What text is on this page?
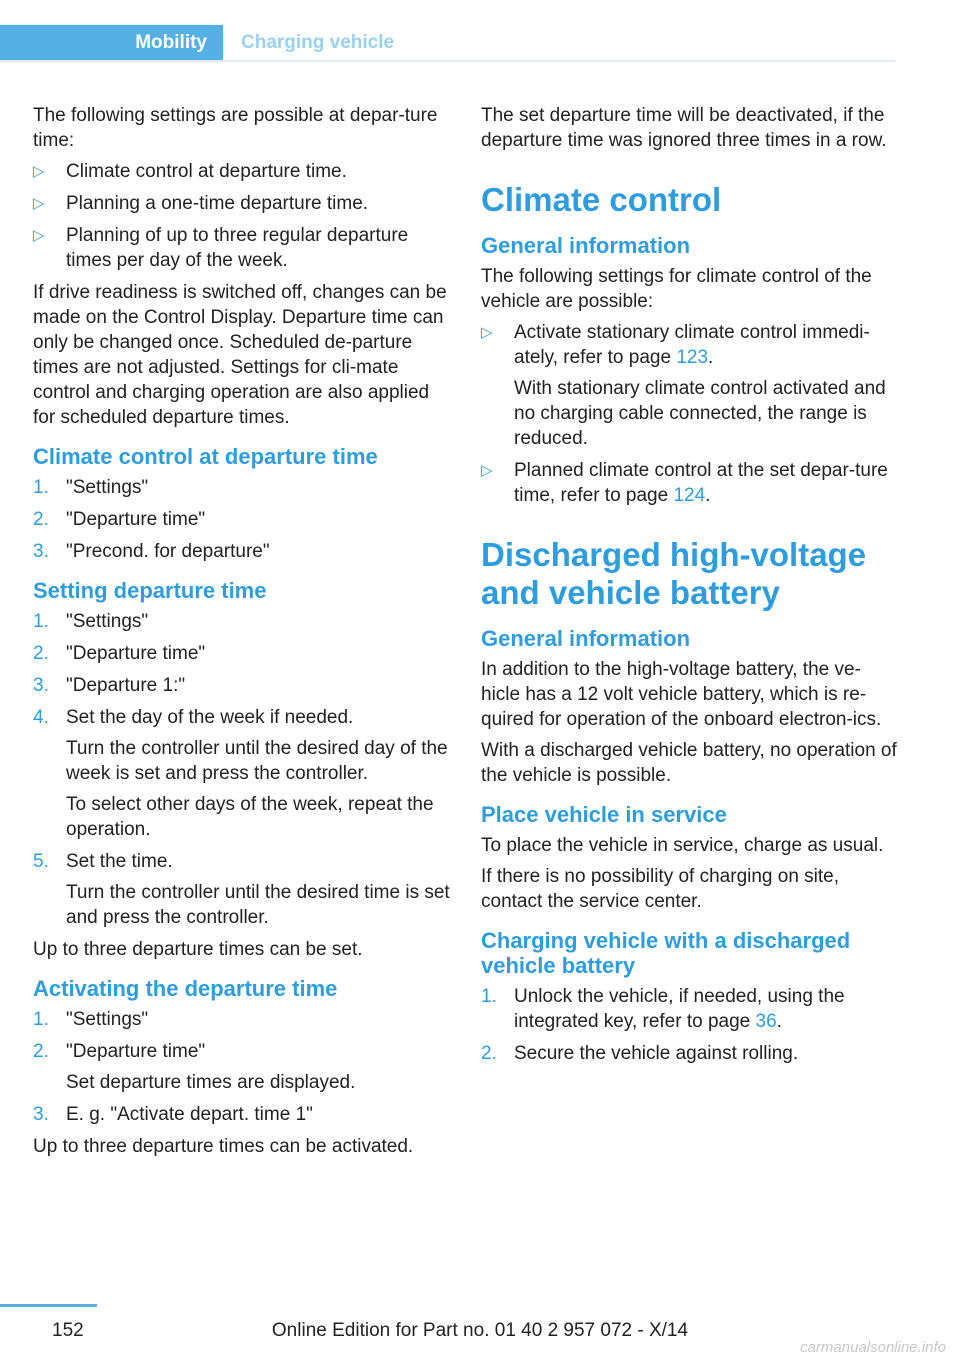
Mobility Charging vehicle

The following settings are possible at depar-ture time:

▷	Climate control at departure time.
▷	Planning a one-time departure time.
▷	Planning of up to three regular departure times per day of the week.

If drive readiness is switched off, changes can be made on the Control Display. Departure time can only be changed once. Scheduled de-parture times are not adjusted. Settings for cli-mate control and charging operation are also applied for scheduled departure times.

Climate control at departure time
1. "Settings"
2. "Departure time"
3. "Precond. for departure"
Setting departure time
1. "Settings"
2. "Departure time"
3. "Departure 1:"
4. Set the day of the week if needed.

Turn the controller until the desired day of the week is set and press the controller.

To select other days of the week, repeat the operation.

5. Set the time.

Turn the controller until the desired time is set and press the controller.

Up to three departure times can be set.

Activating the departure time
1. "Settings"
2. "Departure time"

Set departure times are displayed.

3. E. g. "Activate depart. time 1"

Up to three departure times can be activated.

The set departure time will be deactivated, if the departure time was ignored three times in a row.

Climate control
General information

The following settings for climate control of the vehicle are possible:

▷	Activate stationary climate control immedi-ately, refer to page 123.

With stationary climate control activated and no charging cable connected, the range is reduced.

▷	Planned climate control at the set depar-ture time, refer to page 124.

Discharged high-voltage and vehicle battery
General information

In addition to the high-voltage battery, the ve-hicle has a 12 volt vehicle battery, which is re-quired for operation of the onboard electron-ics.

With a discharged vehicle battery, no operation of the vehicle is possible.

Place vehicle in service

To place the vehicle in service, charge as usual.

If there is no possibility of charging on site, contact the service center.

Charging vehicle with a discharged vehicle battery
1. Unlock the vehicle, if needed, using the integrated key, refer to page 36.
2. Secure the vehicle against rolling.
152	Online Edition for Part no. 01 40 2 957 072 - X/14
carmanualsonline.info
